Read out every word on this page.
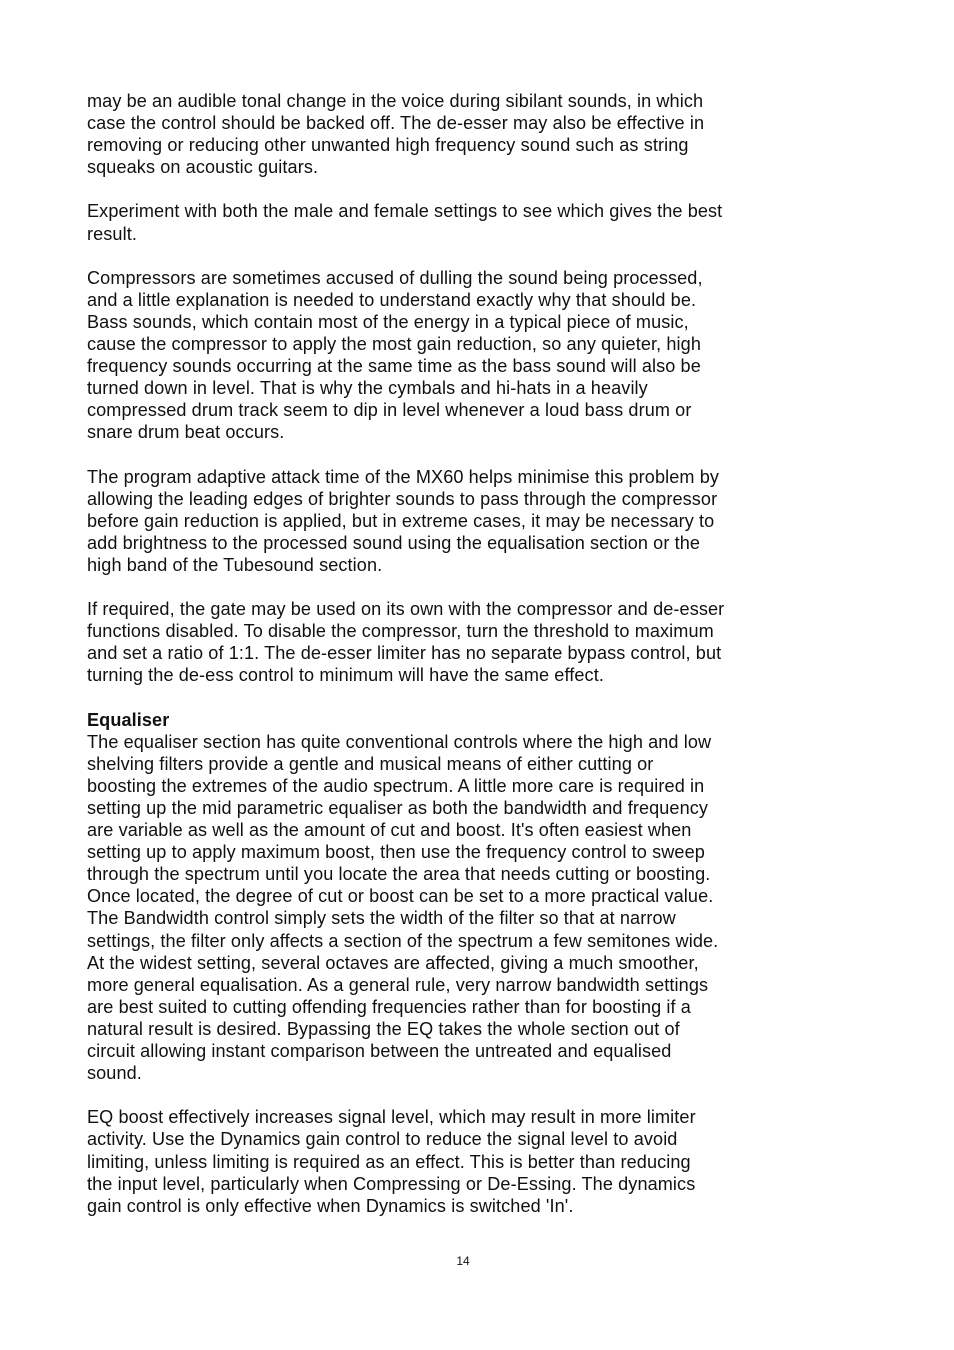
may be an audible tonal change in the voice during sibilant sounds, in which
case the control should be backed off. The de-esser may also be effective in
removing or reducing other unwanted high frequency sound such as string
squeaks on acoustic guitars.
Experiment with both the male and female settings to see which gives the best
result.
Compressors are sometimes accused of dulling the sound being processed,
and a little explanation is needed to understand exactly why that should be.
Bass sounds, which contain most of the energy in a typical piece of music,
cause the compressor to apply the most gain reduction, so any quieter, high
frequency sounds occurring at the same time as the bass sound will also be
turned down in level. That is why the cymbals and hi-hats in a heavily
compressed drum track seem to dip in level whenever a loud bass drum or
snare drum beat occurs.
The program adaptive attack time of the MX60 helps minimise this problem by
allowing the leading edges of brighter sounds to pass through the compressor
before gain reduction is applied, but in extreme cases, it may be necessary to
add brightness to the processed sound using the equalisation section or the
high band of the Tubesound section.
If required, the gate may be used on its own with the compressor and de-esser
functions disabled. To disable the compressor, turn the threshold to maximum
and set a ratio of 1:1. The de-esser limiter has no separate bypass control, but
turning the de-ess control to minimum will have the same effect.
Equaliser
The equaliser section has quite conventional controls where the high and low
shelving filters provide a gentle and musical means of either cutting or
boosting the extremes of the audio spectrum. A little more care is required in
setting up the mid parametric equaliser as both the bandwidth and frequency
are variable as well as the amount of cut and boost. It's often easiest when
setting up to apply maximum boost, then use the frequency control to sweep
through the spectrum until you locate the area that needs cutting or boosting.
Once located, the degree of cut or boost can be set to a more practical value.
The Bandwidth control simply sets the width of the filter so that at narrow
settings, the filter only affects a section of the spectrum a few semitones wide.
At the widest setting, several octaves are affected, giving a much smoother,
more general equalisation. As a general rule, very narrow bandwidth settings
are best suited to cutting offending frequencies rather than for boosting if a
natural result is desired. Bypassing the EQ takes the whole section out of
circuit allowing instant comparison between the untreated and equalised
sound.
EQ boost effectively increases signal level, which may result in more limiter
activity. Use the Dynamics gain control to reduce the signal level to avoid
limiting, unless limiting is required as an effect. This is better than reducing
the input level, particularly when Compressing or De-Essing. The dynamics
gain control is only effective when Dynamics is switched 'In'.
14
